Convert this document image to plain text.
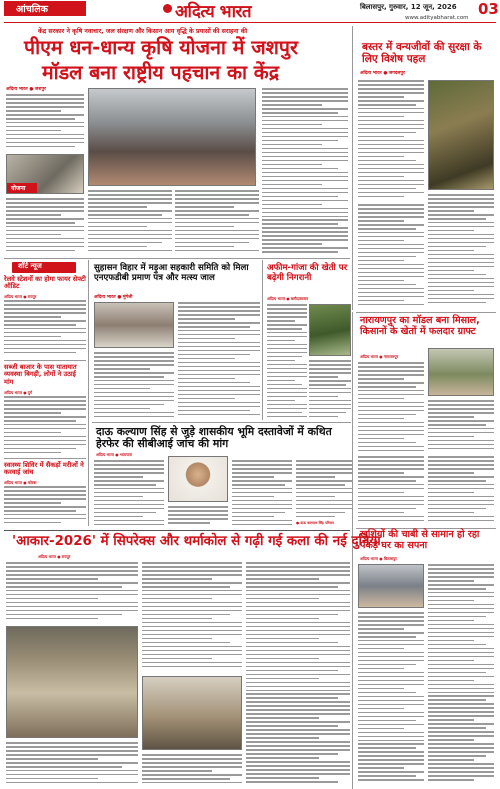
आंचलिक	अदित्य भारत	बिलासपुर, गुरुवार, 12 जून, 2026 03
www.adityabharat.com
केंद्र सरकार ने कृषि नवाचार, जल संरक्षण और किसान आय वृद्धि के प्रयासों की सराहना की
पीएम धन-धान्य कृषि योजना में जशपुर
मॉडल बना राष्ट्रीय पहचान का केंद्र
अदित्य भारत ● जशपुर
योजना
बस्तर में वन्यजीवों की सुरक्षा के लिए विशेष पहल
अदित्य भारत ● जगदलपुर
शॉर्ट न्यूज
रेलवे स्टेशनों का होगा फायर सेफ्टी ऑडिट
अदित्य भारत ● रायपुर
सब्जी बाजार के पास यातायात व्यवस्था बिगड़ी, लोगों ने उठाई मांग
अदित्य भारत ● दुर्ग
स्वास्थ्य शिविर में सैकड़ों मरीजों ने करवाई जांच
अदित्य भारत ● कोरबा
सुहासन विहार में मड़ुआ सहकारी समिति को मिला एनएफडीबी प्रमाण पत्र और मत्स्य जाल
अदित्य भारत ● मुंगेली
अफीम-गांजा की खेती पर बढ़ेगी निगरानी
अदित्य भारत ● बलौदाबाजार
नारायणपुर का मॉडल बना मिसाल, किसानों के खेतों में फलदार ग्राफ्ट
अदित्य भारत ● नारायणपुर
दाऊ कल्याण सिंह से जुड़े शासकीय भूमि दस्तावेजों में कथित हेरफेर की सीबीआई जांच की मांग
अदित्य भारत ● भाटापारा
● दाऊ कल्याण सिंह परिवार
खुशियों की चाबी से सामान हो रहा पकड़े घर का सपना
अदित्य भारत ● बिलासपुर
'आकार-2026' में सिपरेक्स और थर्माकोल से गढ़ी गई कला की नई दुनिया
अदित्य भारत ● रायपुर
